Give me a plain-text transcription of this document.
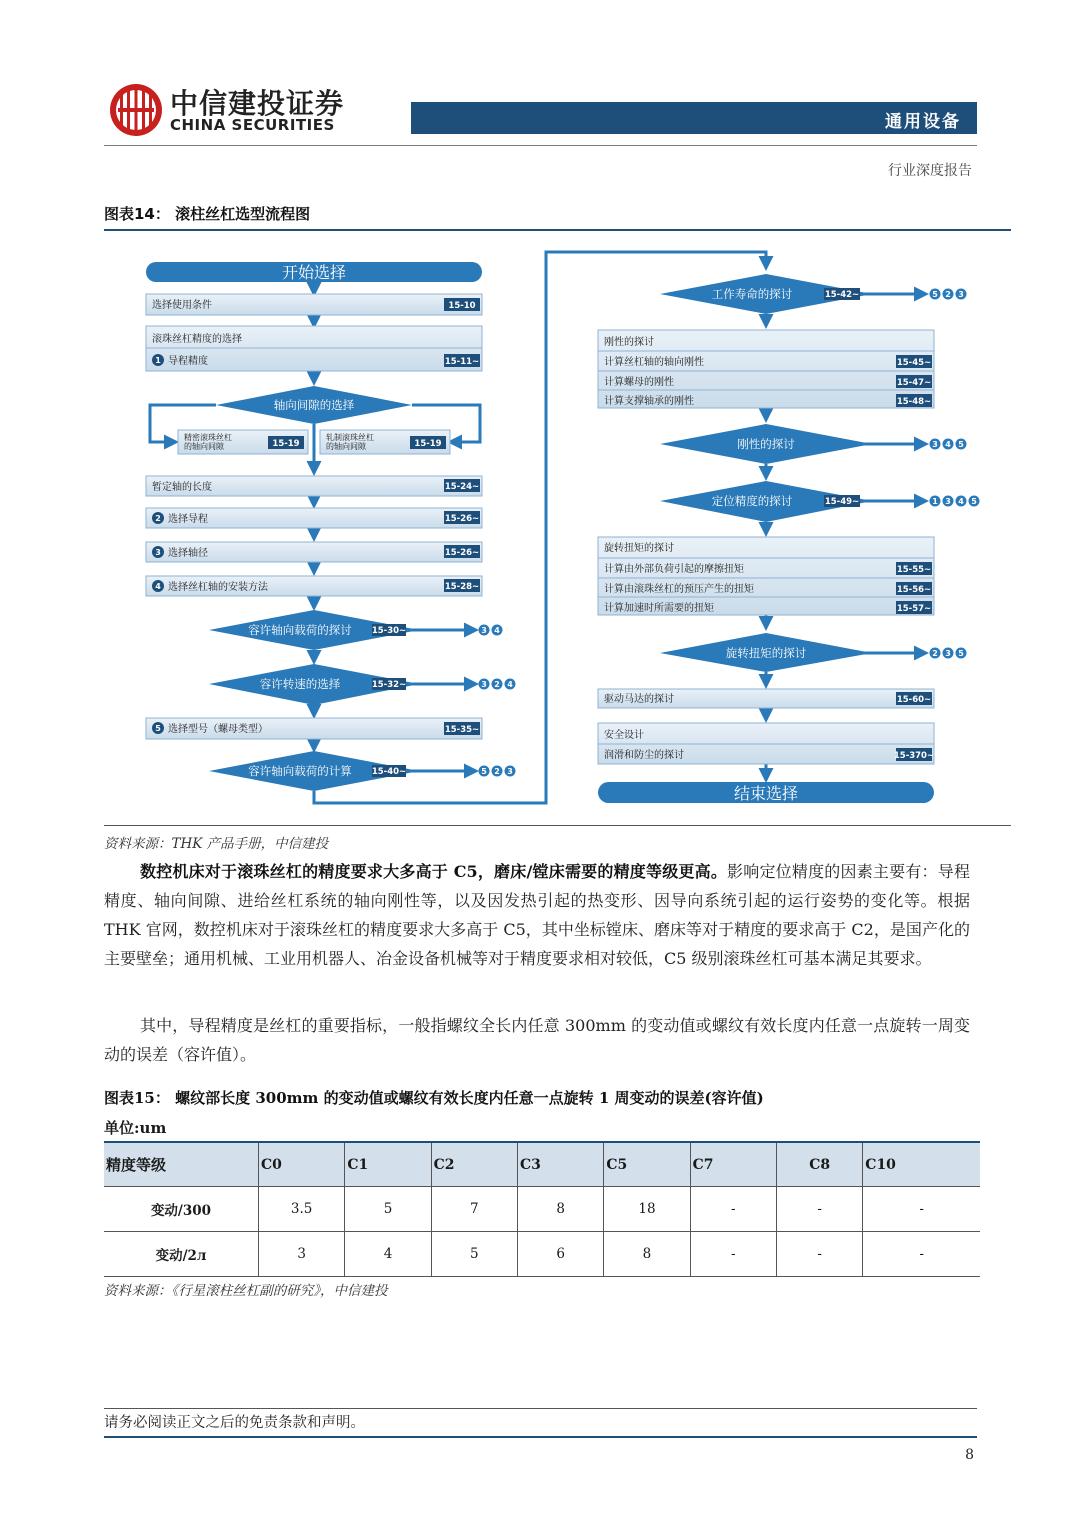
中信建投证券
CHINA SECURITIES	通用设备
行业深度报告
图表14： 滚柱丝杠选型流程图
开始选择
选择使用条件	15-10
滚珠丝杠精度的选择
1 导程精度	15-11~
轴向间隙的选择
精密滚珠丝杠
的轴向间隙	15-19
轧制滚珠丝杠
的轴向间隙	15-19
暂定轴的长度	15-24~
2 选择导程	15-26~
3 选择轴径	15-26~
4 选择丝杠轴的安装方法	15-28~
容许轴向载荷的探讨 15-30~	3 4
容许转速的选择	15-32~	3 2 4
5 选择型号（螺母类型）	15-35~
容许轴向载荷的计算 15-40~	5 2 3
工作寿命的探讨	15-42~	5 2 3
刚性的探讨
计算丝杠轴的轴向刚性	15-45~
计算螺母的刚性	15-47~
计算支撑轴承的刚性	15-48~
刚性的探讨	3 4 5
定位精度的探讨	15-49~	1 3 4 5
旋转扭矩的探讨
计算由外部负荷引起的摩擦扭矩	15-55~
计算由滚珠丝杠的预压产生的扭矩	15-56~
计算加速时所需要的扭矩	15-57~
旋转扭矩的探讨	2 3 5
驱动马达的探讨	15-60~
安全设计
润滑和防尘的探讨	15-370~
结束选择
资料来源：THK 产品手册，中信建投
数控机床对于滚珠丝杠的精度要求大多高于 C5，磨床/镗床需要的精度等级更高。影响定位精度的因素主要有：导程精度、轴向间隙、进给丝杠系统的轴向刚性等，以及因发热引起的热变形、因导向系统引起的运行姿势的变化等。根据 THK 官网，数控机床对于滚珠丝杠的精度要求大多高于 C5，其中坐标镗床、磨床等对于精度的要求高于 C2，是国产化的主要壁垒；通用机械、工业用机器人、冶金设备机械等对于精度要求相对较低，C5 级别滚珠丝杠可基本满足其要求。
其中，导程精度是丝杠的重要指标，一般指螺纹全长内任意 300mm 的变动值或螺纹有效长度内任意一点旋转一周变动的误差（容许值）。
图表15： 螺纹部长度 300mm 的变动值或螺纹有效长度内任意一点旋转 1 周变动的误差(容许值)
单位:um
精度等级	C0	C1	C2	C3	C5	C7	C8	C10
变动/300	3.5	5	7	8	18	-	-	-
变动/2л	3	4	5	6	8	-	-	-
资料来源：《行星滚柱丝杠副的研究》，中信建投
请务必阅读正文之后的免责条款和声明。
8
